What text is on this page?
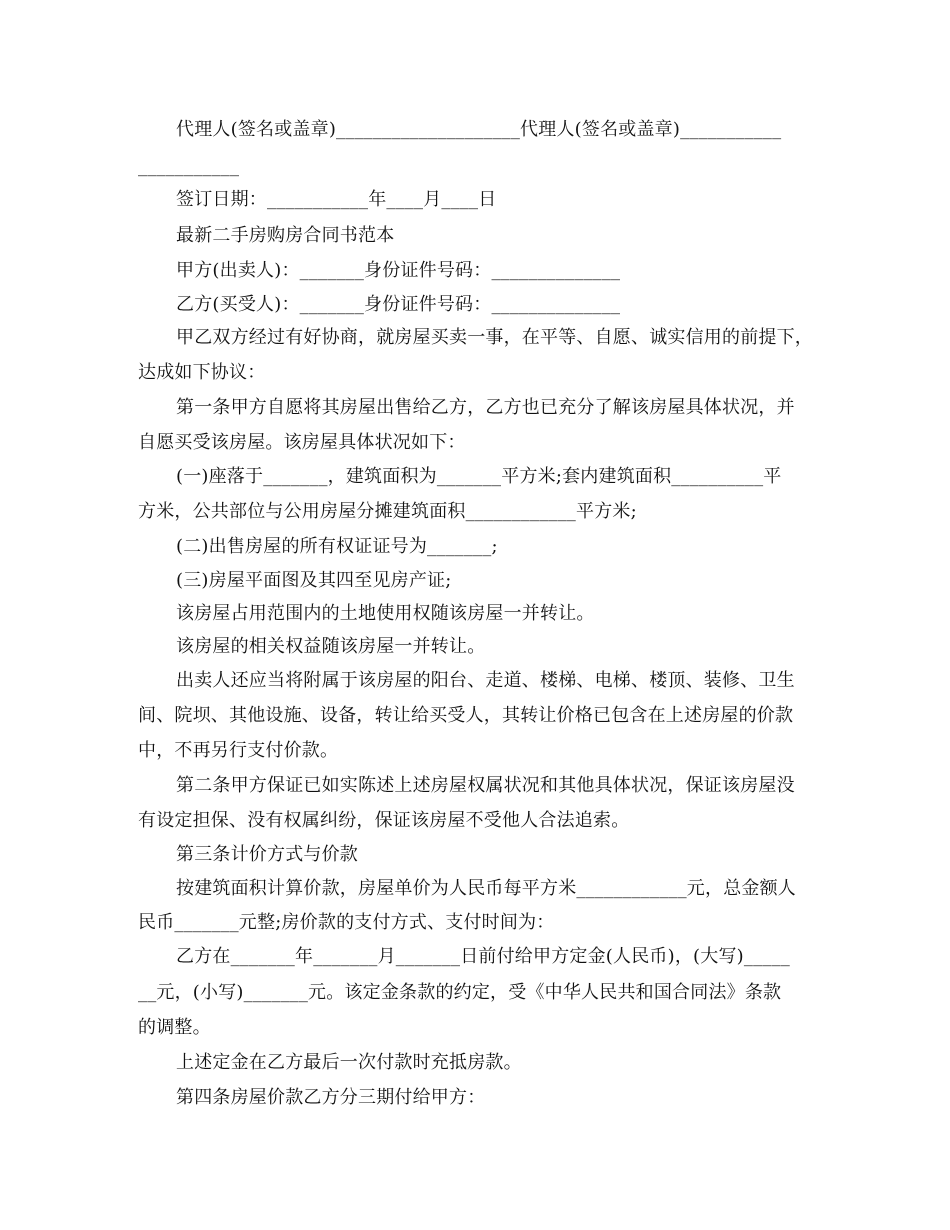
代理人(签名或盖章)____________________代理人(签名或盖章)___________
___________
签订日期：___________年____月____日
最新二手房购房合同书范本
甲方(出卖人)：_______身份证件号码：______________
乙方(买受人)：_______身份证件号码：______________
甲乙双方经过有好协商，就房屋买卖一事，在平等、自愿、诚实信用的前提下，
达成如下协议：
第一条甲方自愿将其房屋出售给乙方，乙方也已充分了解该房屋具体状况，并
自愿买受该房屋。该房屋具体状况如下：
(一)座落于_______，建筑面积为_______平方米;套内建筑面积__________平
方米，公共部位与公用房屋分摊建筑面积____________平方米;
(二)出售房屋的所有权证证号为_______;
(三)房屋平面图及其四至见房产证;
该房屋占用范围内的土地使用权随该房屋一并转让。
该房屋的相关权益随该房屋一并转让。
出卖人还应当将附属于该房屋的阳台、走道、楼梯、电梯、楼顶、装修、卫生
间、院坝、其他设施、设备，转让给买受人，其转让价格已包含在上述房屋的价款
中，不再另行支付价款。
第二条甲方保证已如实陈述上述房屋权属状况和其他具体状况，保证该房屋没
有设定担保、没有权属纠纷，保证该房屋不受他人合法追索。
第三条计价方式与价款
按建筑面积计算价款，房屋单价为人民币每平方米____________元，总金额人
民币_______元整;房价款的支付方式、支付时间为：
乙方在_______年_______月_______日前付给甲方定金(人民币)，(大写)_____
__元，(小写)_______元。该定金条款的约定，受《中华人民共和国合同法》条款
的调整。
上述定金在乙方最后一次付款时充抵房款。
第四条房屋价款乙方分三期付给甲方：
